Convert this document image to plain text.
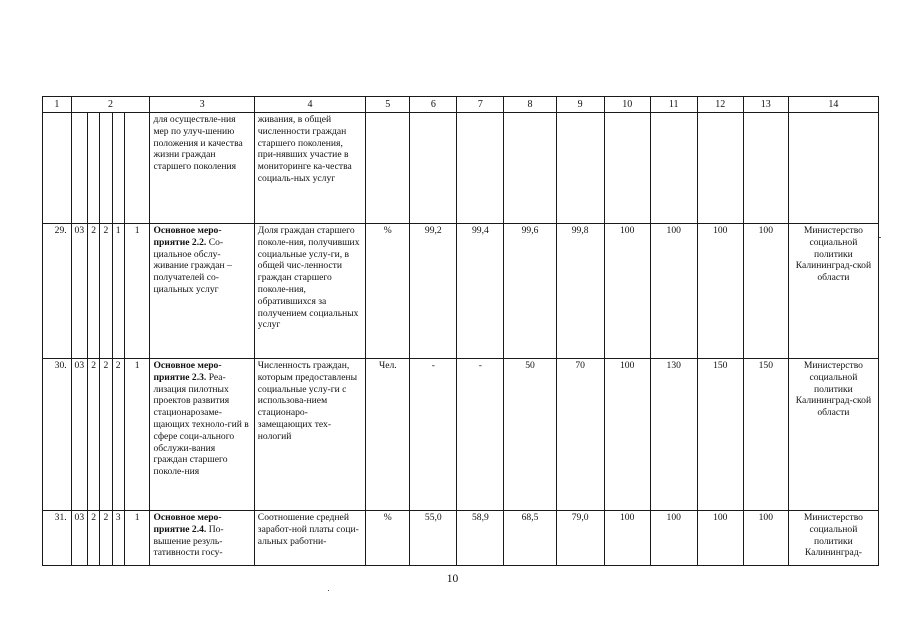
1	2					3	4	5	6	7	8	9	10	11	12	13	14
						для осуществле-ния мер по улуч-шению положения и качества жизни граждан старшего поколения	живания, в общей численности граждан старшего поколения, при-нявших участие в мониторинге ка-чества социаль-ных услуг										
29.	03	2	2	1	1	Основное меро-приятие 2.2. Со-циальное обслу-живание граждан – получателей со-циальных услуг	Доля граждан старшего поколе-ния, получивших социальные услу-ги, в общей чис-ленности граждан старшего поколе-ния, обратившихся за получением социальных услуг	%	99,2	99,4	99,6	99,8	100	100	100	100	Министерство социальной политики Калининград-ской области
30.	03	2	2	2	1	Основное меро-приятие 2.3. Реа-лизация пилотных проектов развития стационарозаме-щающих техноло-гий в сфере соци-ального обслужи-вания граждан старшего поколе-ния	Численность граждан, которым предоставлены социальные услу-ги с использова-нием стационаро-замещающих тех-нологий	Чел.	-	-	50	70	100	130	150	150	Министерство социальной политики Калининград-ской области
31.	03	2	2	3	1	Основное меро-приятие 2.4. По-вышение резуль-тативности госу-	Соотношение средней заработ-ной платы соци-альных работни-	%	55,0	58,9	68,5	79,0	100	100	100	100	Министерство социальной политики Калининград-
10
